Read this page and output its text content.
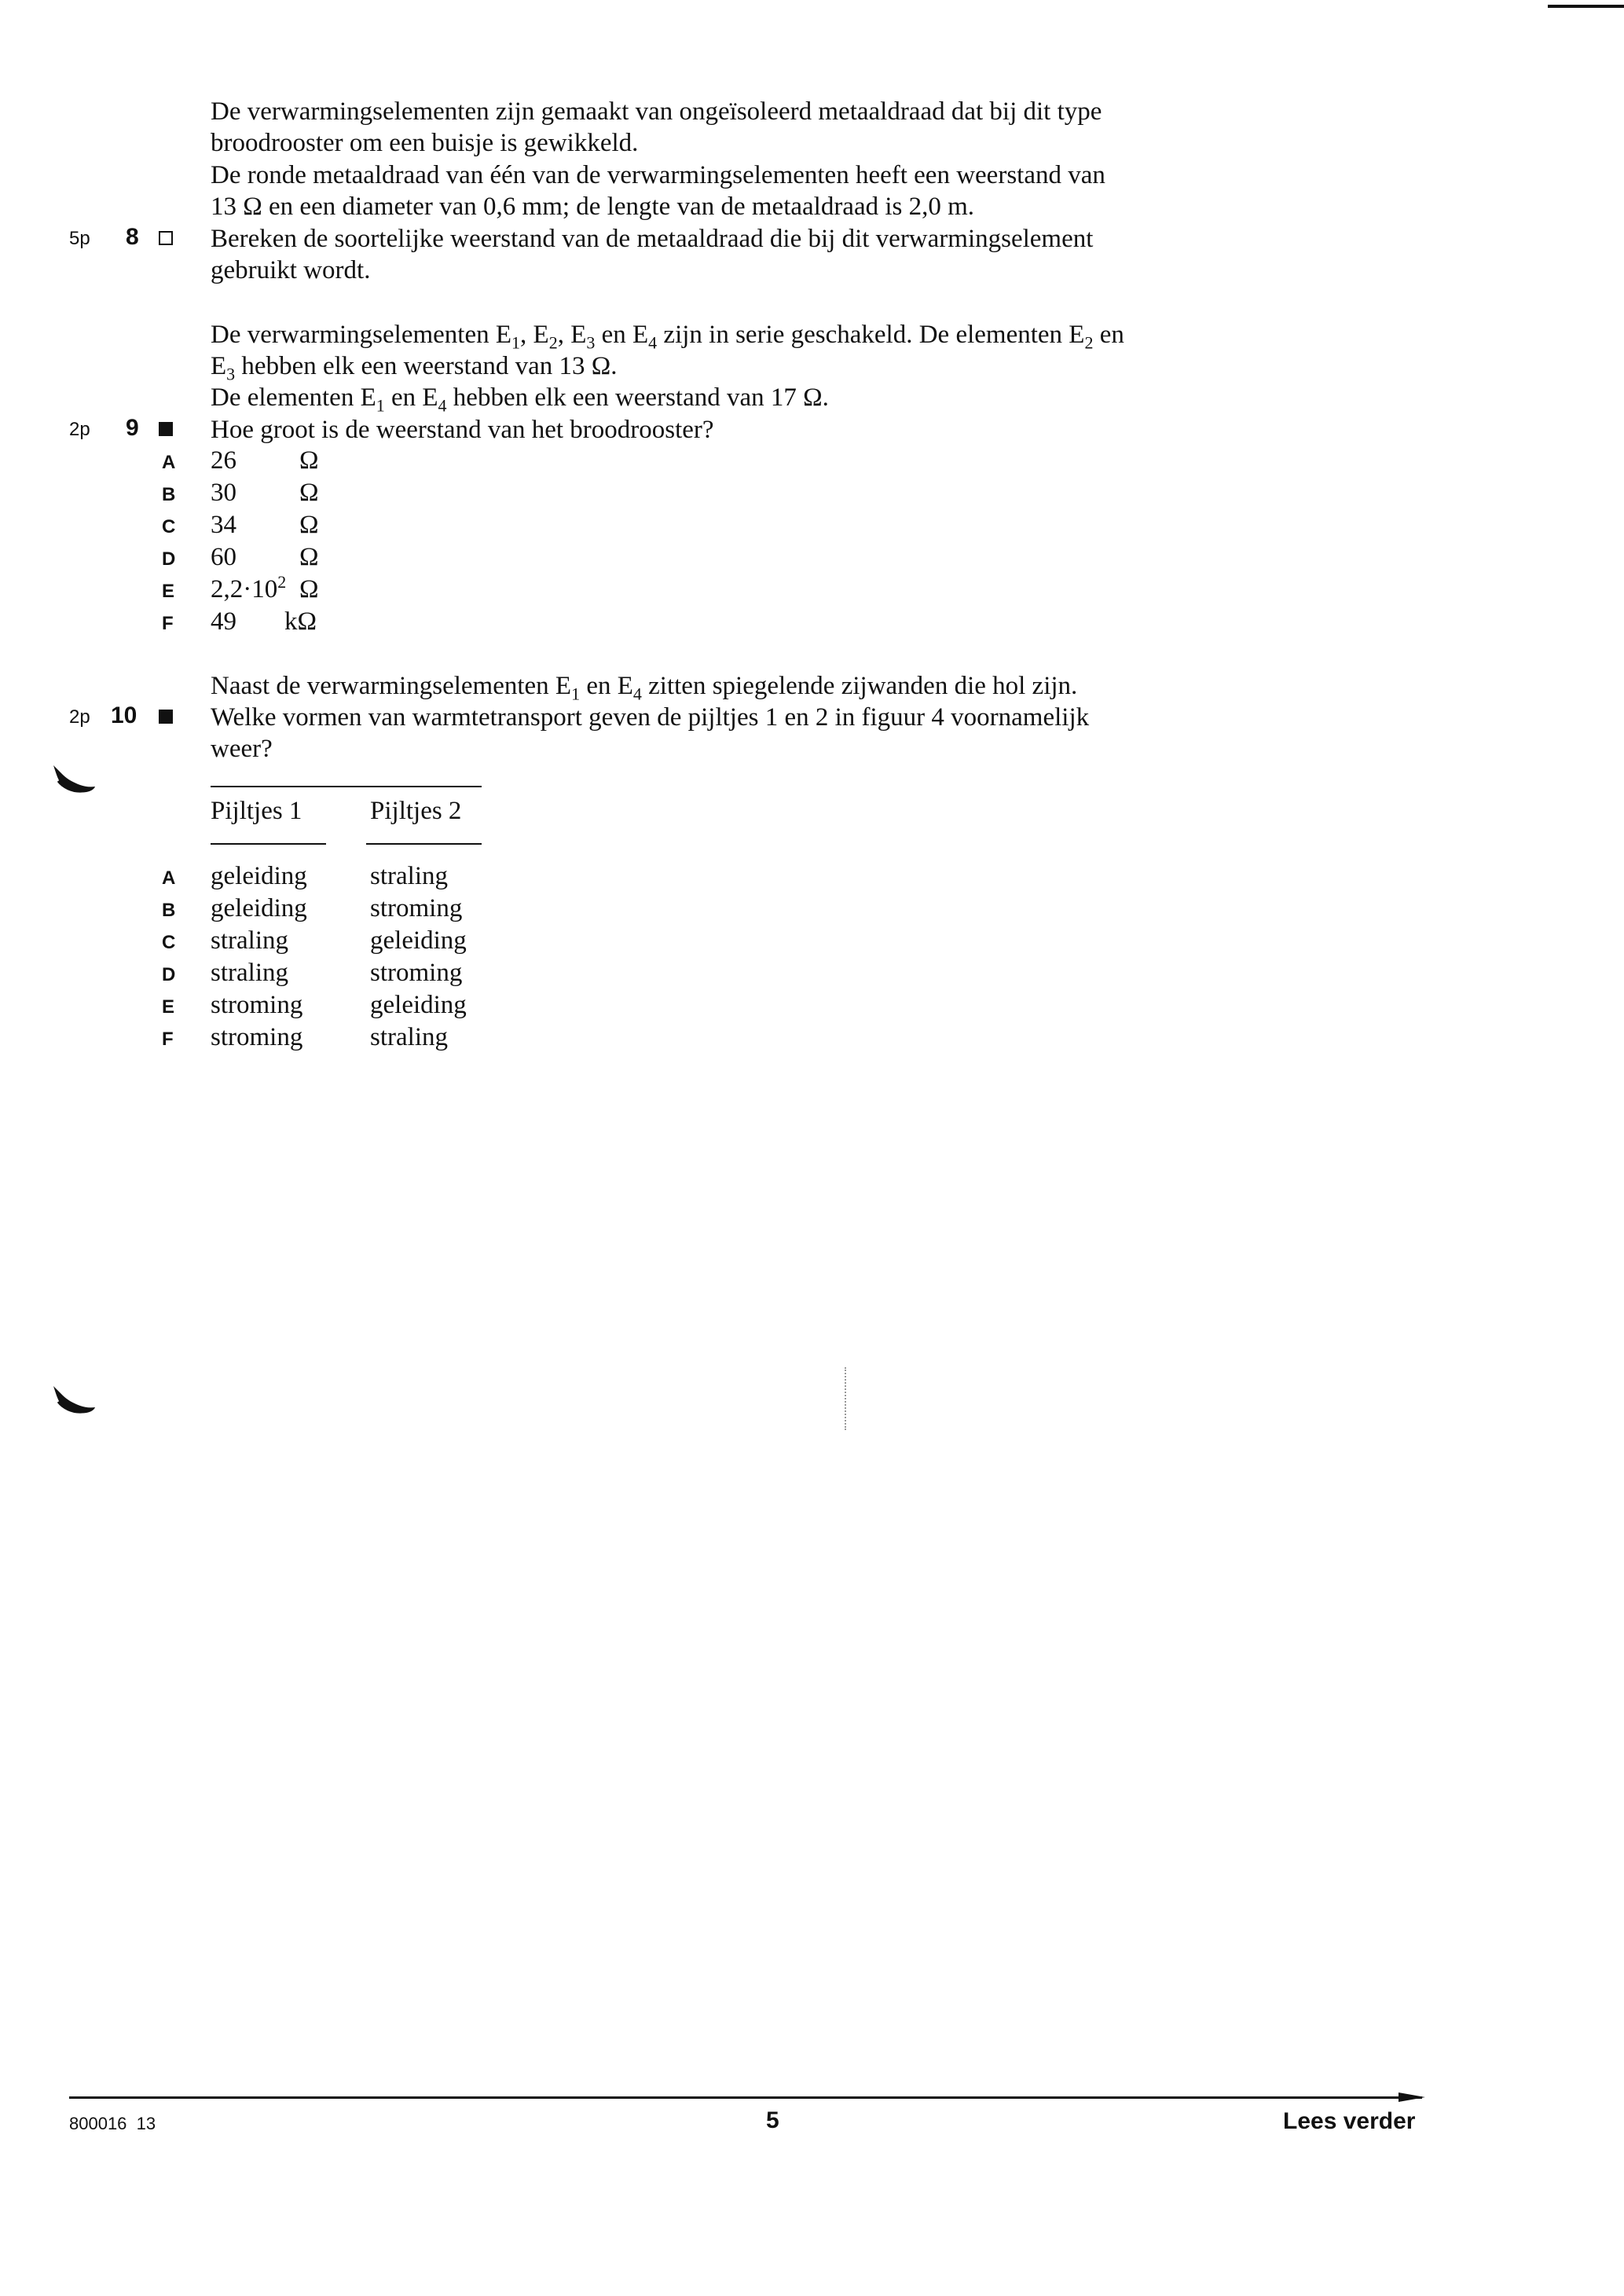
De verwarmingselementen zijn gemaakt van ongeïsoleerd metaaldraad dat bij dit type
broodrooster om een buisje is gewikkeld.
De ronde metaaldraad van één van de verwarmingselementen heeft een weerstand van
13 Ω en een diameter van 0,6 mm; de lengte van de metaaldraad is 2,0 m.
5p 8	Bereken de soortelijke weerstand van de metaaldraad die bij dit verwarmingselement
gebruikt wordt.
De verwarmingselementen $E_1$, $E_2$, $E_3$ en $E_4$ zijn in serie geschakeld. De elementen $E_2$ en
$E_3$ hebben elk een weerstand van 13 Ω.
De elementen $E_1$ en $E_4$ hebben elk een weerstand van 17 Ω.
2p 9	Hoe groot is de weerstand van het broodrooster?
A 26 Ω
B 30 Ω
C 34 Ω
D 60 Ω
E $2,2\cdot 10^2$ Ω
F 49 kΩ
Naast de verwarmingselementen $E_1$ en $E_4$ zitten spiegelende zijwanden die hol zijn.
2p 10	Welke vormen van warmtetransport geven de pijltjes 1 en 2 in figuur 4 voornamelijk
weer?
Pijltjes 1	Pijltjes 2
A geleiding straling
B geleiding stroming
C straling	geleiding
D straling	stroming
E stroming	geleiding
F stroming	straling
800016  13	5	Lees verder
